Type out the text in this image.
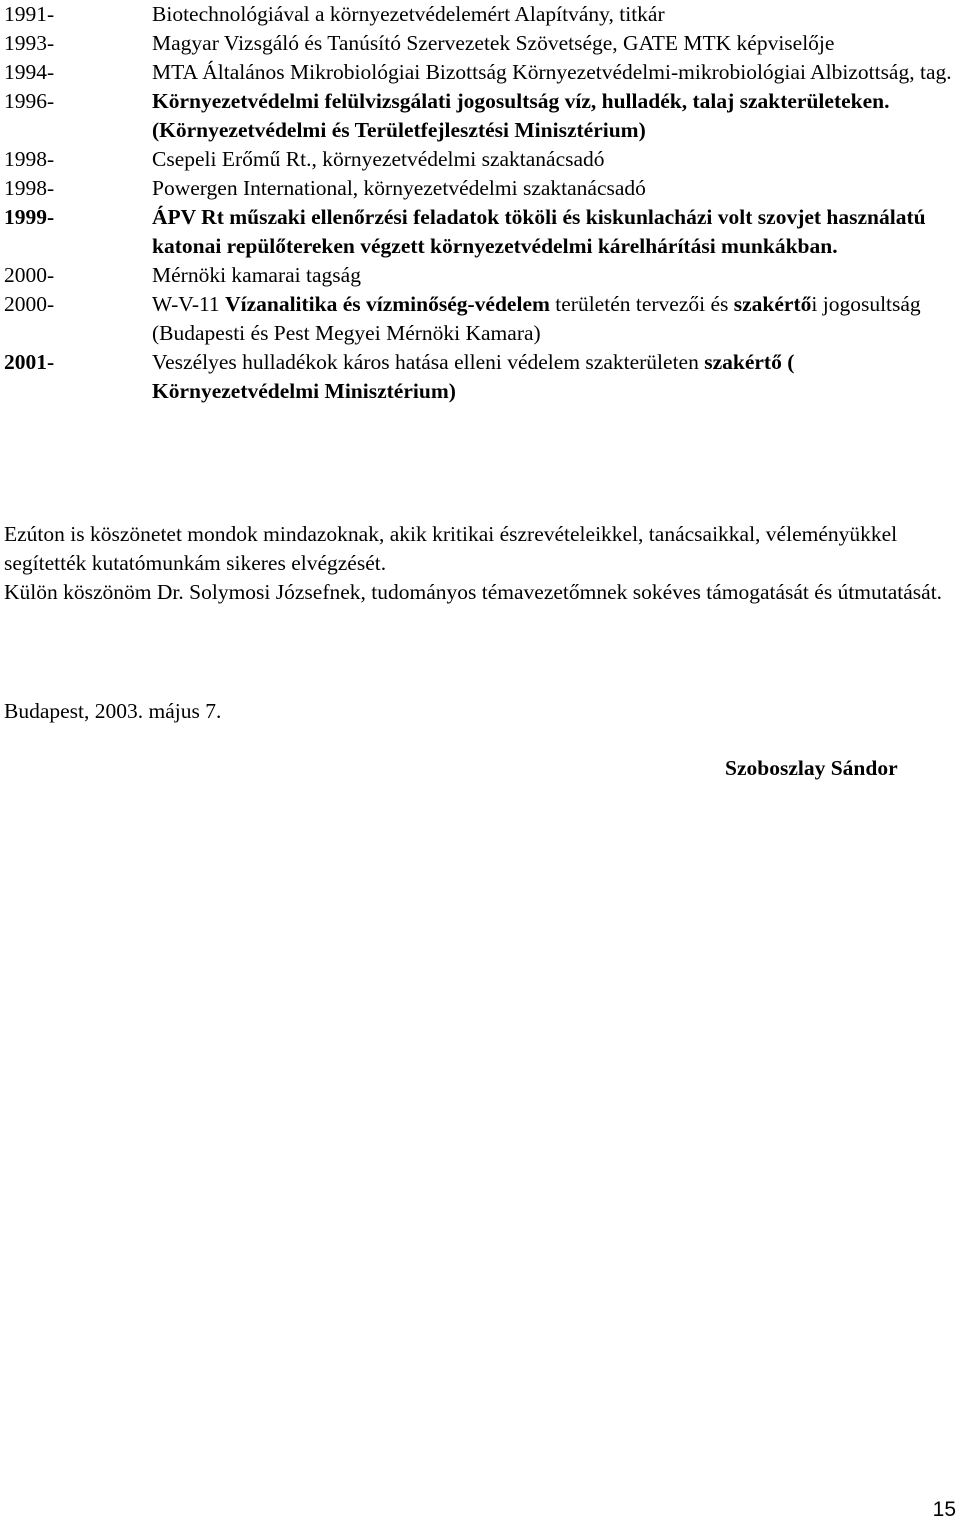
1991-	Biotechnológiával a környezetvédelemért Alapítvány, titkár
1993-	Magyar Vizsgáló és Tanúsító Szervezetek Szövetsége, GATE MTK képviselője
1994-	MTA Általános Mikrobiológiai Bizottság Környezetvédelmi-mikrobiológiai Albizottság, tag.
1996-	Környezetvédelmi felülvizsgálati jogosultság víz, hulladék, talaj szakterületeken. (Környezetvédelmi és Területfejlesztési Minisztérium)
1998-	Csepeli Erőmű Rt., környezetvédelmi szaktanácsadó
1998-	Powergen International, környezetvédelmi szaktanácsadó
1999-	ÁPV Rt műszaki ellenőrzési feladatok tököli és kiskunlacházi volt szovjet használatú katonai repülőtereken végzett környezetvédelmi kárelhárítási munkákban.
2000-	Mérnöki kamarai tagság
2000-	W-V-11 Vízanalitika és vízminőség-védelem területén tervezői és szakértői jogosultság (Budapesti és Pest Megyei Mérnöki Kamara)
2001-	Veszélyes hulladékok káros hatása elleni védelem szakterületen szakértő ( Környezetvédelmi Minisztérium)
Ezúton is köszönetet mondok mindazoknak, akik kritikai észrevételeikkel, tanácsaikkal, véleményükkel segítették kutatómunkám sikeres elvégzését.
Külön köszönöm Dr. Solymosi Józsefnek, tudományos témavezetőmnek sokéves támogatását és útmutatását.
Budapest, 2003. május 7.
Szoboszlay Sándor
15
